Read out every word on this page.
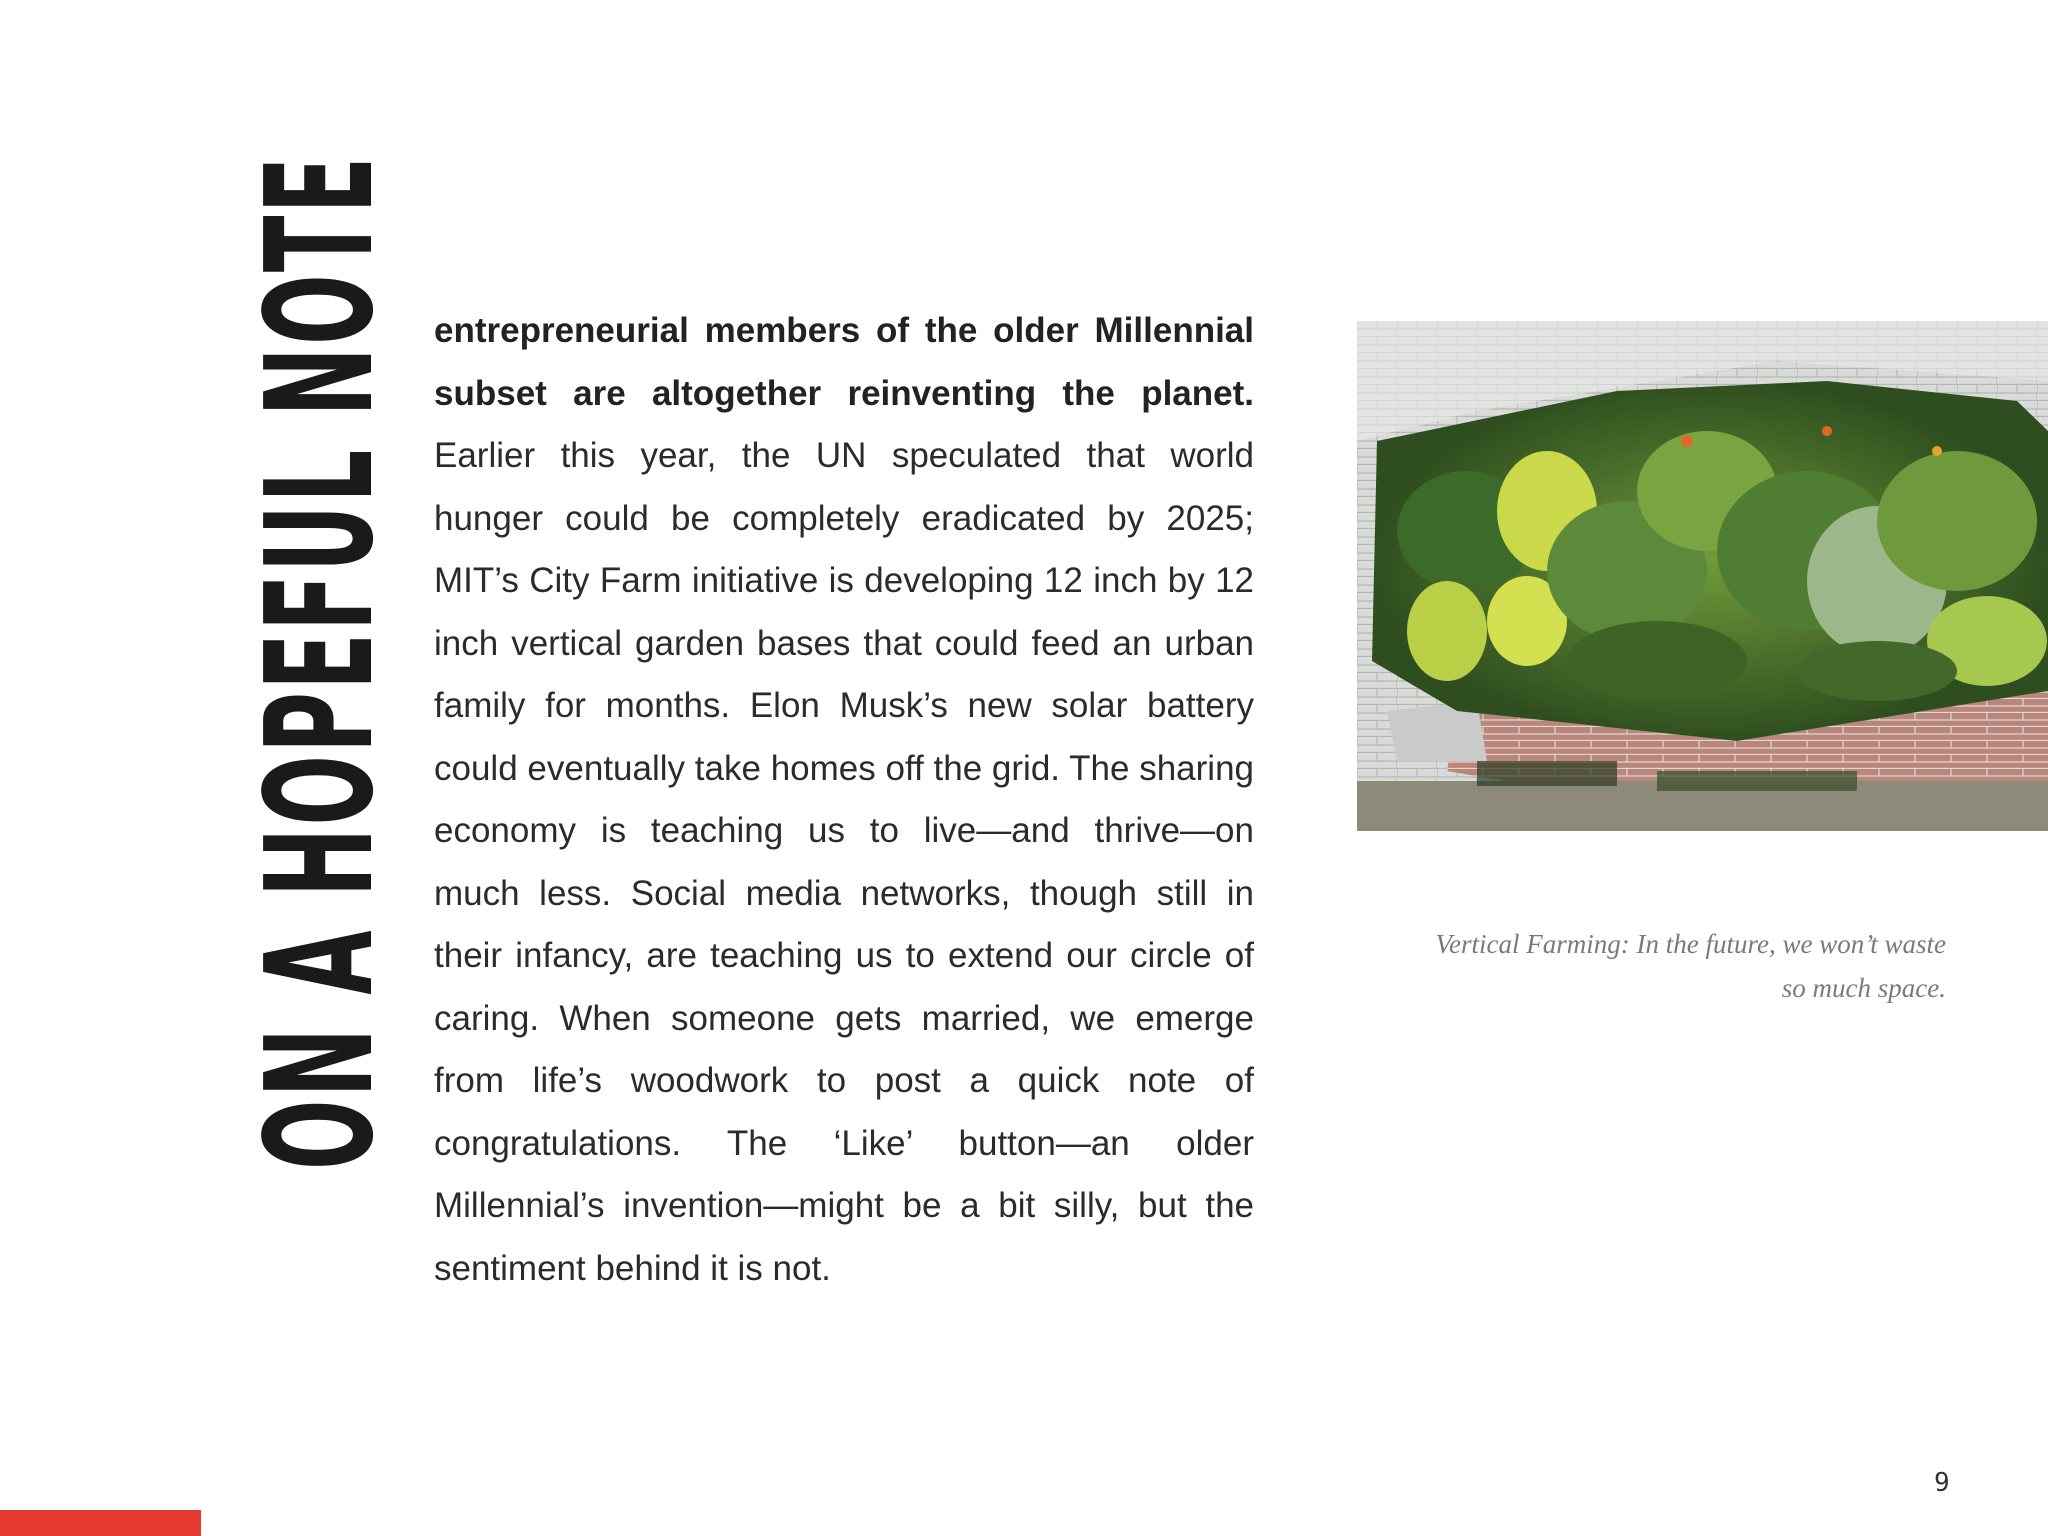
ON A HOPEFUL NOTE entrepreneurial members of the older Millennial subset are altogether reinventing the planet. Earlier this year, the UN speculated that world hunger could be completely eradicated by 2025; MIT’s City Farm initiative is developing 12 inch by 12 inch vertical garden bases that could feed an urban family for months. Elon Musk’s new solar battery could eventually take homes off the grid. The sharing economy is teaching us to live—and thrive—on much less. Social media networks, though still in their infancy, are teaching us to extend our circle of caring. When someone gets married, we emerge from life’s woodwork to post a quick note of congratulations. The ‘Like’ button—an older Millennial’s invention—might be a bit silly, but the sentiment behind it is not.

Vertical Farming: In the future, we won’t waste so much space.

9
